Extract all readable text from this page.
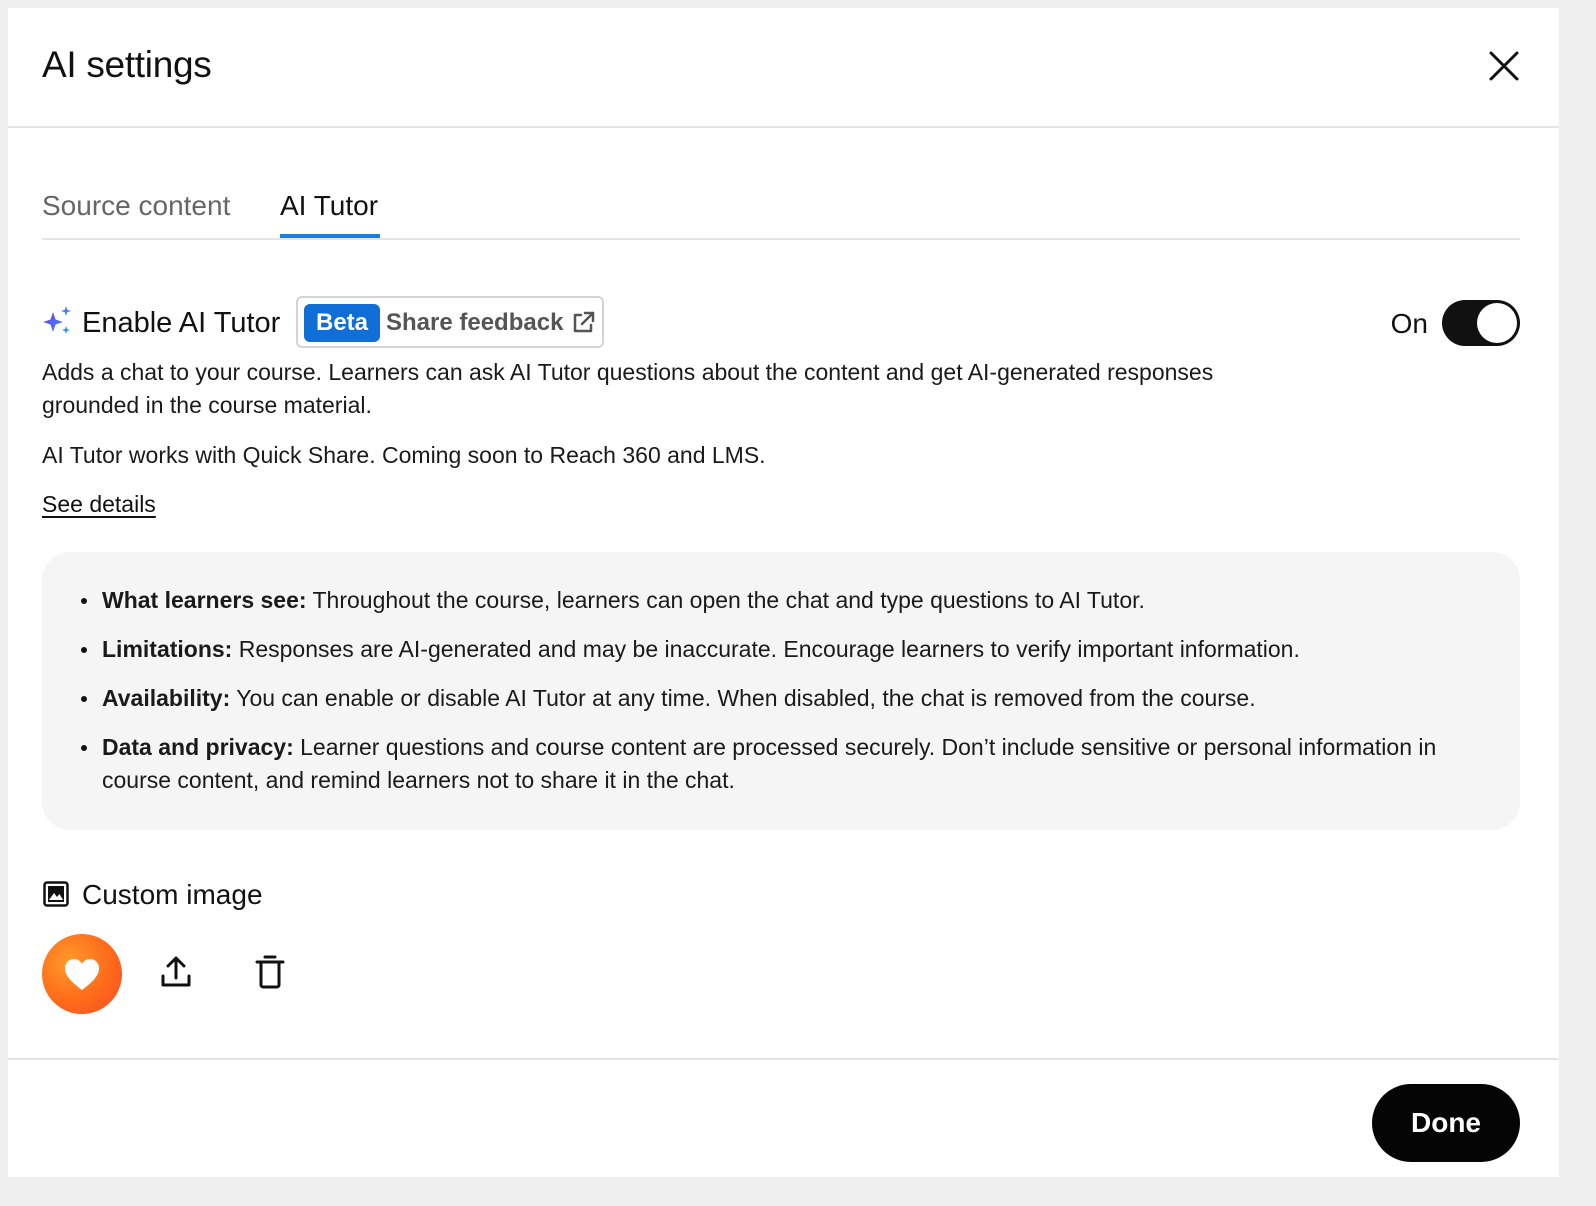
AI settings
Source content AI Tutor
Enable AI Tutor	Beta Share feedback	On
Adds a chat to your course. Learners can ask AI Tutor questions about the content and get AI-generated responses grounded in the course material.
AI Tutor works with Quick Share. Coming soon to Reach 360 and LMS.
See details
What learners see: Throughout the course, learners can open the chat and type questions to AI Tutor.
Limitations: Responses are AI-generated and may be inaccurate. Encourage learners to verify important information.
Availability: You can enable or disable AI Tutor at any time. When disabled, the chat is removed from the course.
Data and privacy: Learner questions and course content are processed securely. Don’t include sensitive or personal information in course content, and remind learners not to share it in the chat.
Custom image
Done
